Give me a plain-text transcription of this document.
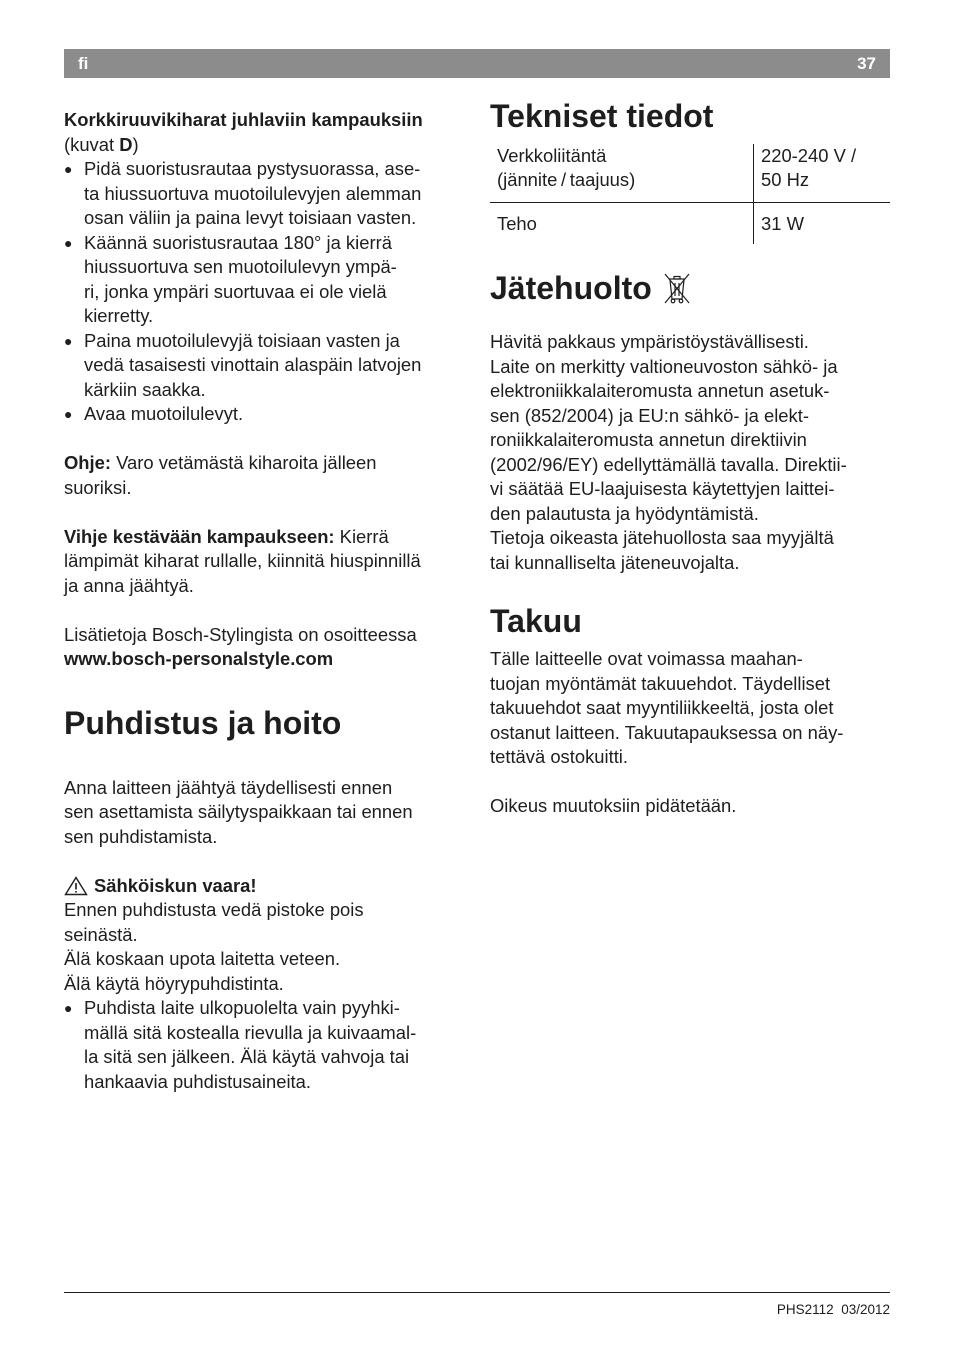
fi	37

Korkkiruuvikiharat juhlaviin kampauksiin

(kuvat D)

● Pidä suoristusrautaa pystysuorassa, ase-
ta hiussuortuva muotoilulevyjen alemman
osan väliin ja paina levyt toisiaan vasten.
● Käännä suoristusrautaa 180° ja kierrä
hiussuortuva sen muotoilulevyn ympä-
ri, jonka ympäri suortuvaa ei ole vielä
kierretty.
● Paina muotoilulevyjä toisiaan vasten ja
vedä tasaisesti vinottain alaspäin latvojen
kärkiin saakka.
● Avaa muotoilulevyt.

Ohje: Varo vetämästä kiharoita jälleen
suoriksi.

Vihje kestävään kampaukseen: Kierrä
lämpimät kiharat rullalle, kiinnitä hiuspinnillä
ja anna jäähtyä.

Lisätietoja Bosch-Stylingista on osoitteessa

www.bosch-personalstyle.com

Puhdistus ja hoito

Anna laitteen jäähtyä täydellisesti ennen
sen asettamista säilytyspaikkaan tai ennen
sen puhdistamista.

Sähköiskun vaara!

Ennen puhdistusta vedä pistoke pois
seinästä.

Älä koskaan upota laitetta veteen.

Älä käytä höyrypuhdistinta.

● Puhdista laite ulkopuolelta vain pyyhki-
mällä sitä kostealla rievulla ja kuivaamal-
la sitä sen jälkeen. Älä käytä vahvoja tai
hankaavia puhdistusaineita.
Tekniset tiedot
Verkkoliitäntä
(jännite / taajuus)	220-240 V /
50 Hz
Teho	31 W
Jätehuolto

Hävitä pakkaus ympäristöystävällisesti.
Laite on merkitty valtioneuvoston sähkö- ja
elektroniikkalaiteromusta annetun asetuk-
sen (852/2004) ja EU:n sähkö- ja elekt-
roniikkalaiteromusta annetun direktiivin
(2002/96/EY) edellyttämällä tavalla. Direktii-
vi säätää EU-laajuisesta käytettyjen laittei-
den palautusta ja hyödyntämistä.
Tietoja oikeasta jätehuollosta saa myyjältä
tai kunnalliselta jäteneuvojalta.

Takuu

Tälle laitteelle ovat voimassa maahan-
tuojan myöntämät takuuehdot. Täydelliset
takuuehdot saat myyntiliikkeeltä, josta olet
ostanut laitteen. Takuutapauksessa on näy-
tettävä ostokuitti.

Oikeus muutoksiin pidätetään.

PHS2112 03/2012
